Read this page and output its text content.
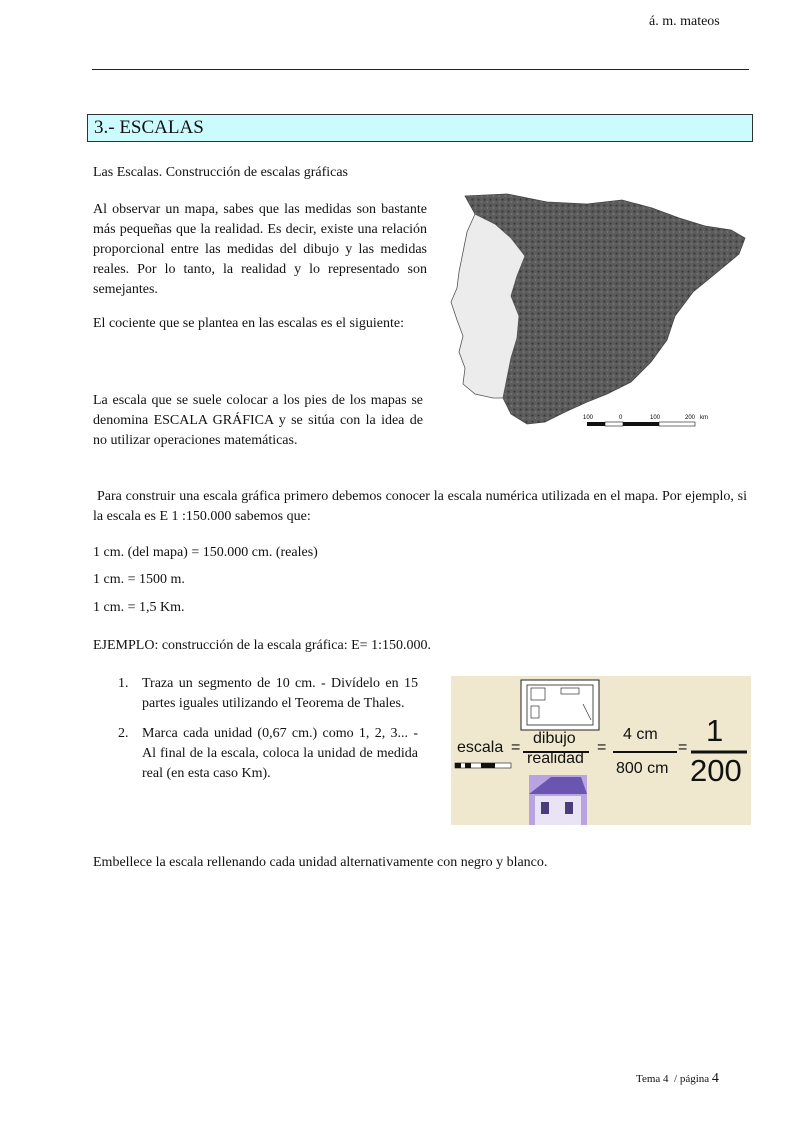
á. m. mateos
3.- ESCALAS
Las Escalas. Construcción de escalas gráficas
Al observar un mapa, sabes que las medidas son bastante más pequeñas que la realidad. Es decir, existe una relación proporcional entre las medidas del dibujo y las medidas reales. Por lo tanto, la realidad y lo representado son semejantes.
El cociente que se plantea en las escalas es el siguiente:
La escala que se suele colocar a los pies de los mapas se denomina ESCALA GRÁFICA y se sitúa con la idea de no utilizar operaciones matemáticas.
100	0	100	200 km
Para construir una escala gráfica primero debemos conocer la escala numérica utilizada en el mapa. Por ejemplo, si la escala es E 1 :150.000 sabemos que:
1 cm. (del mapa) = 150.000 cm. (reales)
1 cm. = 1500 m.
1 cm. = 1,5 Km.
EJEMPLO: construcción de la escala gráfica: E= 1:150.000.
1. Traza un segmento de 10 cm. - Divídelo en 15 partes iguales utilizando el Teorema de Thales.
2. Marca cada unidad (0,67 cm.) como 1, 2, 3... - Al final de la escala, coloca la unidad de medida real (en esta caso Km).
escala =
dibujo
realidad
=
4 cm
800 cm
= 1
200
Embellece la escala rellenando cada unidad alternativamente con negro y blanco.
Tema 4 / página 4
